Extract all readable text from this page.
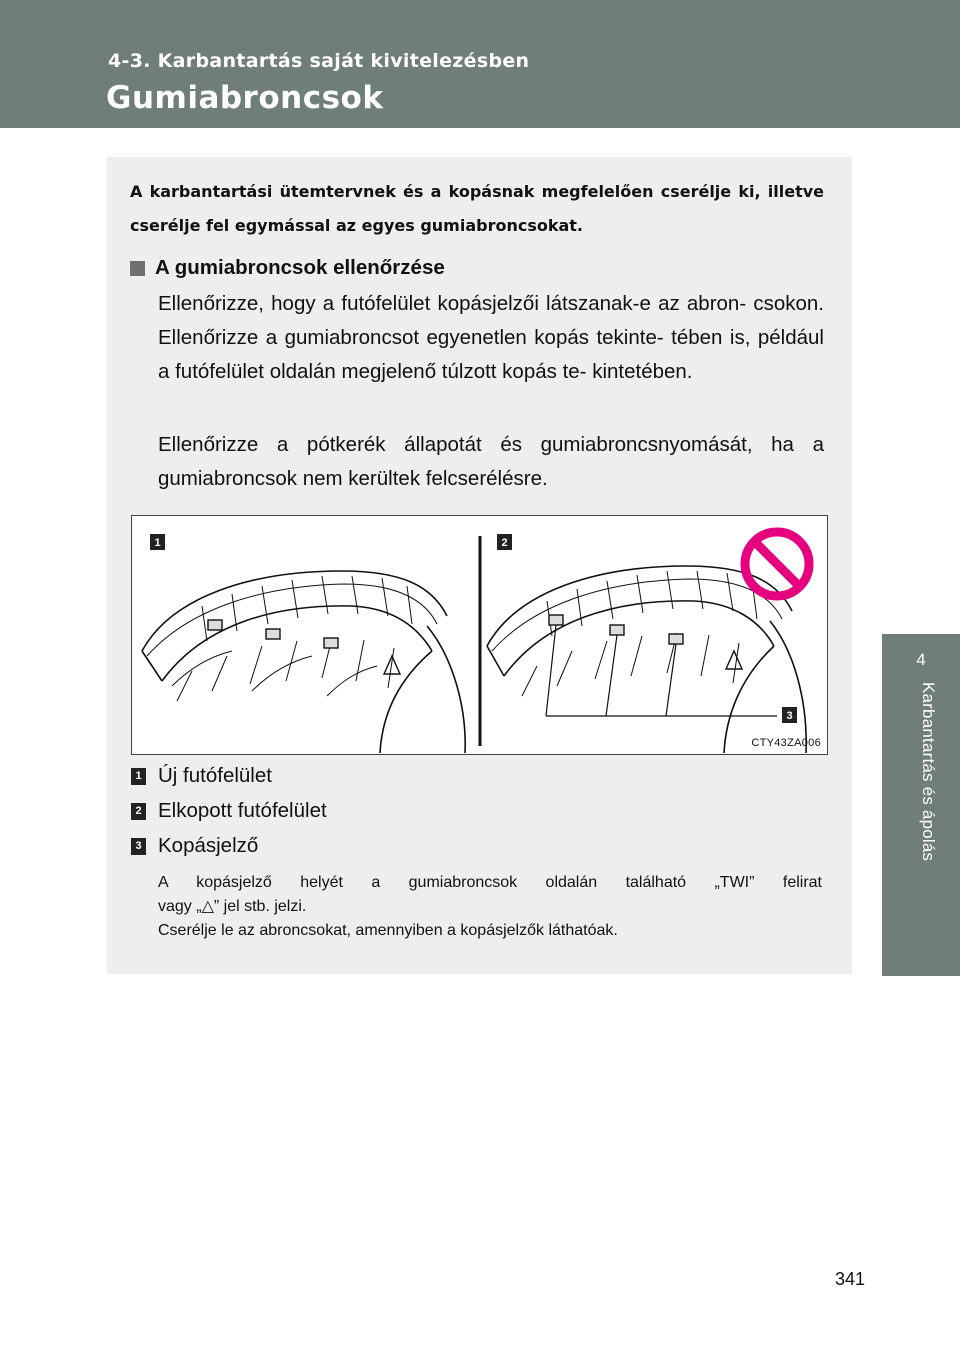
4-3. Karbantartás saját kivitelezésben
Gumiabroncsok
4
Karbantartás és ápolás

A karbantartási ütemtervnek és a kopásnak megfelelően cserélje ki, illetve cserélje fel egymással az egyes gumiabroncsokat.

A gumiabroncsok ellenőrzése

Ellenőrizze, hogy a futófelület kopásjelzői látszanak-e az abron- csokon. Ellenőrizze a gumiabroncsot egyenetlen kopás tekinte- tében is, például a futófelület oldalán megjelenő túlzott kopás te- kintetében.

Ellenőrizze a pótkerék állapotát és gumiabroncsnyomását, ha a gumiabroncsok nem kerültek felcserélésre.

1	2
3
CTY43ZA006
1 Új futófelület
2 Elkopott futófelület
3 Kopásjelző
A kopásjelző helyét a gumiabroncsok oldalán található „TWI” felirat
vagy „△” jel stb. jelzi.
Cserélje le az abroncsokat, amennyiben a kopásjelzők láthatóak.
341
